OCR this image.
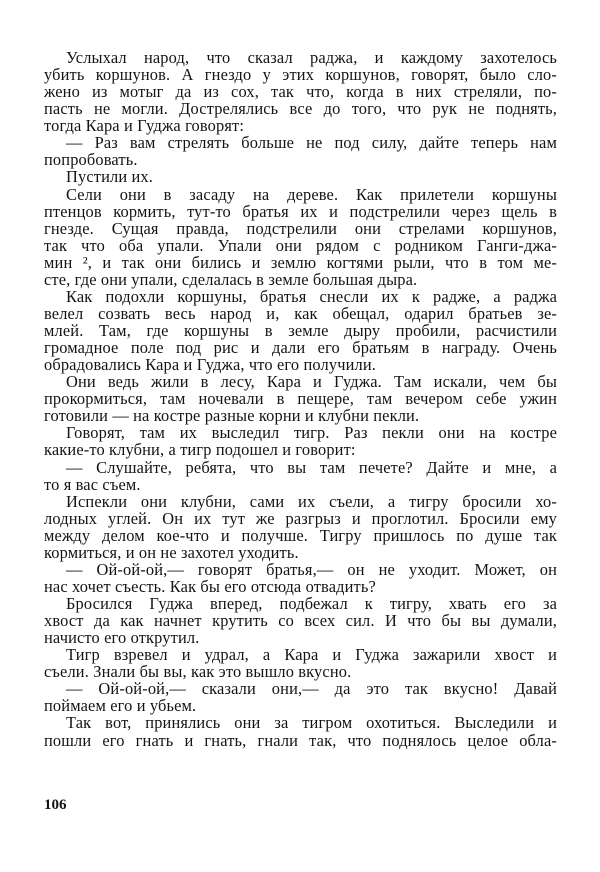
Услыхал народ, что сказал раджа, и каждому захотелось
убить коршунов. А гнездо у этих коршунов, говорят, было сло-
жено из мотыг да из сох, так что, когда в них стреляли, по-
пасть не могли. Дострелялись все до того, что рук не поднять,
тогда Кара и Гуджа говорят:
— Раз вам стрелять больше не под силу, дайте теперь нам
попробовать.
Пустили их.
Сели они в засаду на дереве. Как прилетели коршуны
птенцов кормить, тут-то братья их и подстрелили через щель в
гнезде. Сущая правда, подстрелили они стрелами коршунов,
так что оба упали. Упали они рядом с родником Ганги-джа-
мин ², и так они бились и землю когтями рыли, что в том ме-
сте, где они упали, сделалась в земле большая дыра.
Как подохли коршуны, братья снесли их к радже, а раджа
велел созвать весь народ и, как обещал, одарил братьев зе-
млей. Там, где коршуны в земле дыру пробили, расчистили
громадное поле под рис и дали его братьям в награду. Очень
обрадовались Кара и Гуджа, что его получили.
Они ведь жили в лесу, Кара и Гуджа. Там искали, чем бы
прокормиться, там ночевали в пещере, там вечером себе ужин
готовили — на костре разные корни и клубни пекли.
Говорят, там их выследил тигр. Раз пекли они на костре
какие-то клубни, а тигр подошел и говорит:
— Слушайте, ребята, что вы там печете? Дайте и мне, а
то я вас съем.
Испекли они клубни, сами их съели, а тигру бросили хо-
лодных углей. Он их тут же разгрыз и проглотил. Бросили ему
между делом кое-что и получше. Тигру пришлось по душе так
кормиться, и он не захотел уходить.
— Ой-ой-ой,— говорят братья,— он не уходит. Может, он
нас хочет съесть. Как бы его отсюда отвадить?
Бросился Гуджа вперед, подбежал к тигру, хвать его за
хвост да как начнет крутить со всех сил. И что бы вы думали,
начисто его открутил.
Тигр взревел и удрал, а Кара и Гуджа зажарили хвост и
съели. Знали бы вы, как это вышло вкусно.
— Ой-ой-ой,— сказали они,— да это так вкусно! Давай
поймаем его и убьем.
Так вот, принялись они за тигром охотиться. Выследили и
пошли его гнать и гнать, гнали так, что поднялось целое обла-
106
